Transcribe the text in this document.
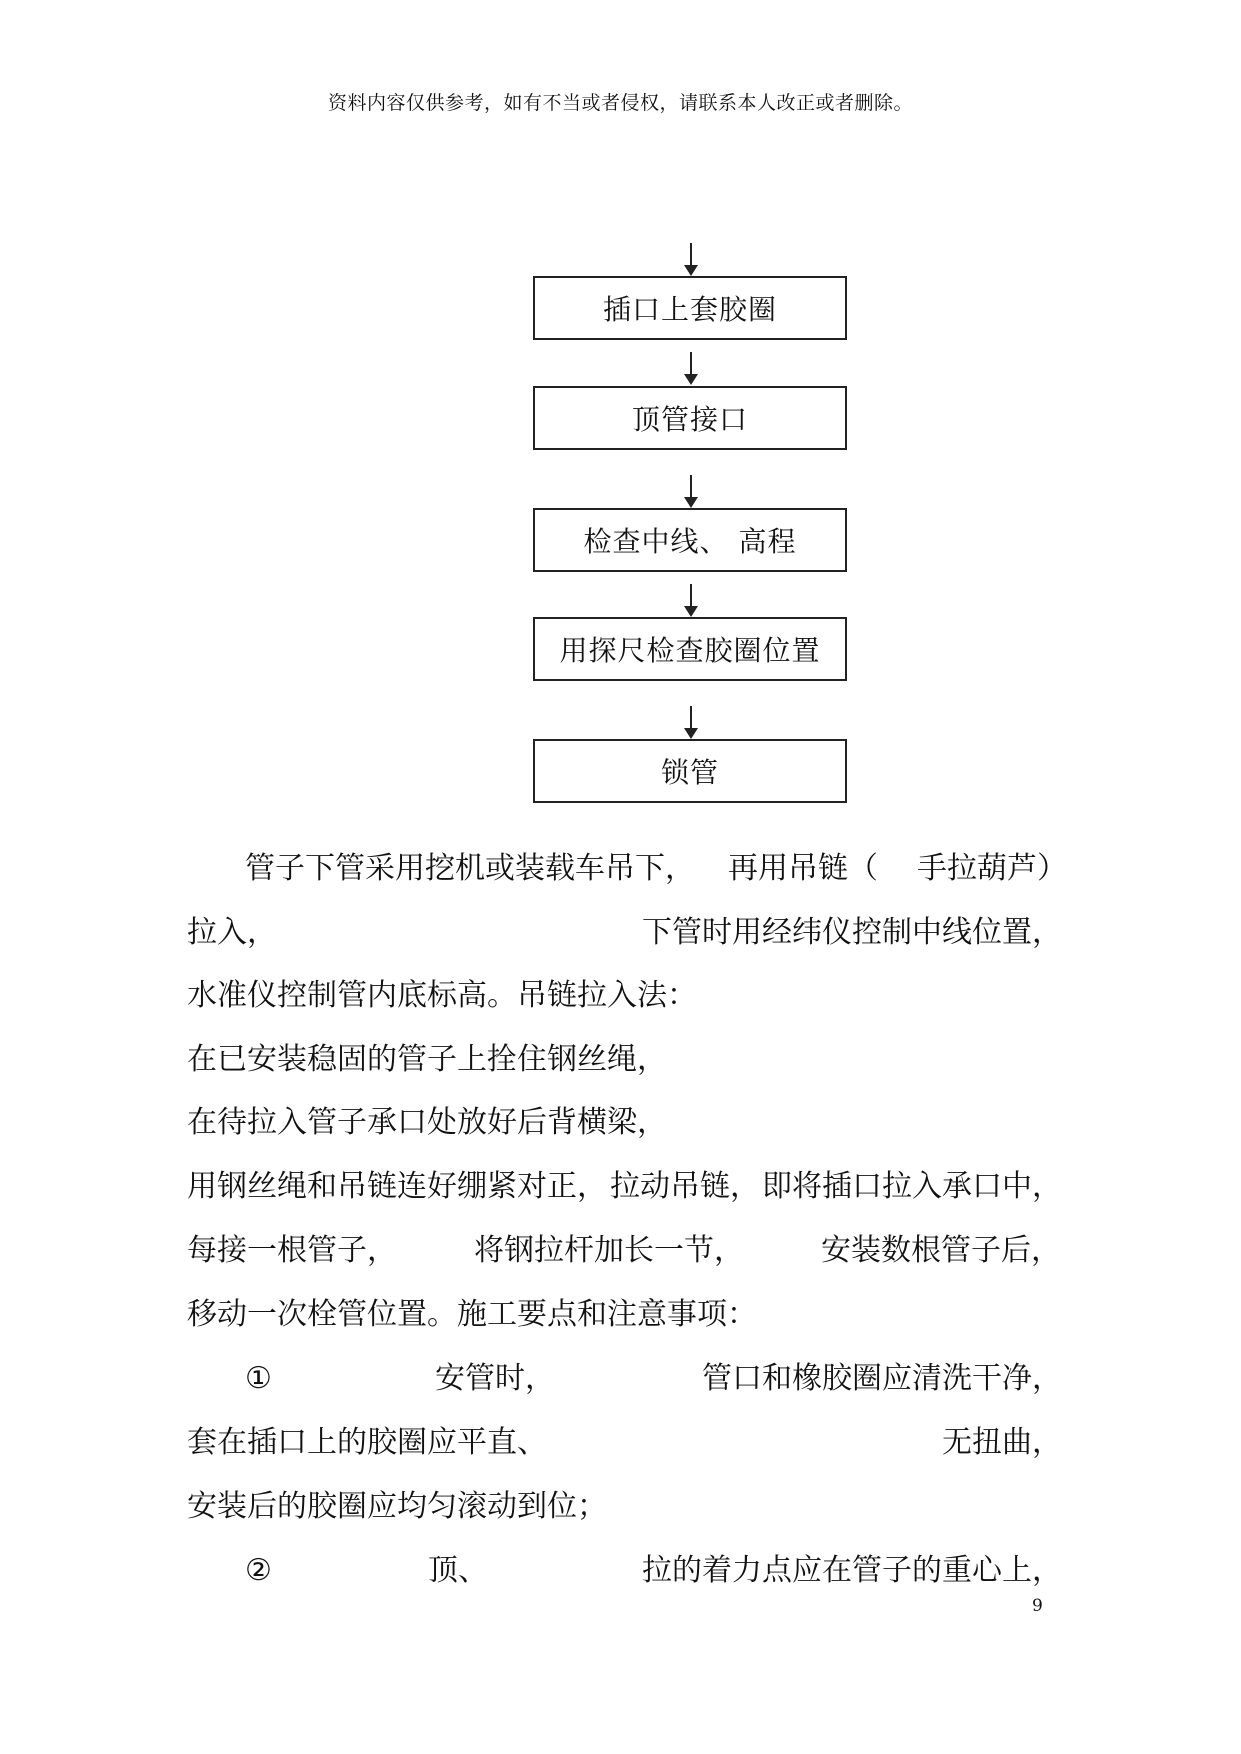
资料内容仅供参考，如有不当或者侵权，请联系本人改正或者删除。
插口上套胶圈
顶管接口
检查中线、 高程
用探尺检查胶圈位置
锁管
管子下管采用挖机或装载车吊下， 再用吊链（ 手拉葫芦）
拉入，	下管时用经纬仪控制中线位置，
水准仪控制管内底标高。吊链拉入法：
在已安装稳固的管子上拴住钢丝绳，
在待拉入管子承口处放好后背横梁，
用钢丝绳和吊链连好绷紧对正， 拉动吊链， 即将插口拉入承口中，
每接一根管子，	将钢拉杆加长一节，	安装数根管子后，
移动一次栓管位置。施工要点和注意事项：
①	安管时，	管口和橡胶圈应清洗干净，
套在插口上的胶圈应平直、	无扭曲，
安装后的胶圈应均匀滚动到位；
②	顶、	拉的着力点应在管子的重心上，
9
